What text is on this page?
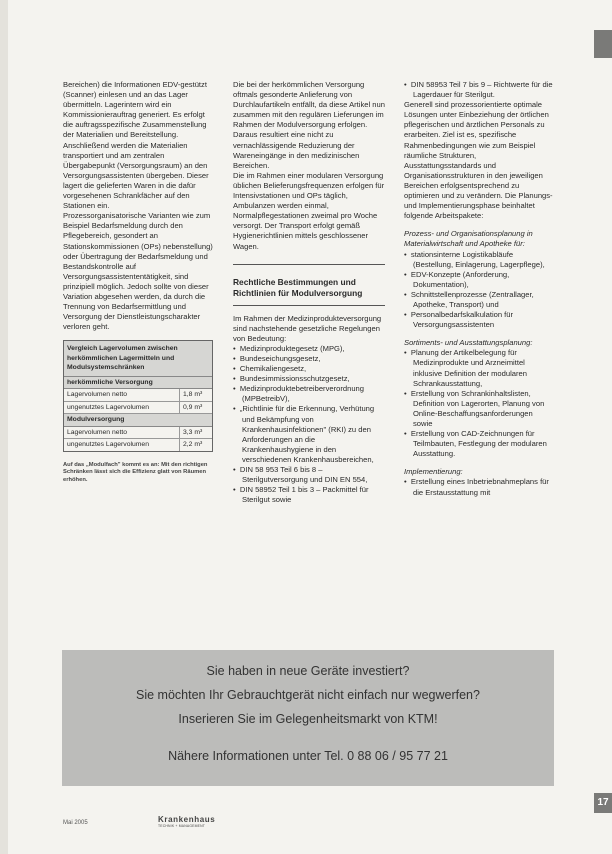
Bereichen) die Informationen EDV-gestützt (Scanner) einlesen und an das Lager übermitteln. Lagerintern wird ein Kommissionierauftrag generiert. Es erfolgt die auftragsspezifische Zusammenstellung der Materialien und Bereitstellung. Anschließend werden die Materialien transportiert und am zentralen Übergabepunkt (Versorgungsraum) an den Versorgungsassistenten übergeben. Dieser lagert die gelieferten Waren in die dafür vorgesehenen Schrankfächer auf den Stationen ein.

Prozessorganisatorische Varianten wie zum Beispiel Bedarfsmeldung durch den Pflegebereich, gesondert an Stationskommissionen (OPs) nebenstellung) oder Übertragung der Bedarfsmeldung und Bestandskontrolle auf Versorgungsassistententätigkeit, sind prinzipiell möglich. Jedoch sollte von dieser Variation abgesehen werden, da durch die Trennung von Bedarfsermittlung und Versorgung der Dienstleistungscharakter verloren geht.

Vergleich Lagervolumen zwischen herkömmlichen Lagermitteln und Modulsystemschränken
herkömmliche Versorgung
Lagervolumen netto	1,8 m³
ungenutztes Lagervolumen	0,9 m³
Modulversorgung
Lagervolumen netto	3,3 m³
ungenutztes Lagervolumen	2,2 m³
Auf das „Modulfach" kommt es an: Mit den richtigen Schränken lässt sich die Effizienz glatt von Räumen erhöhen.

Die bei der herkömmlichen Versorgung oftmals gesonderte Anlieferung von Durchlaufartikeln entfällt, da diese Artikel nun zusammen mit den regulären Lieferungen im Rahmen der Modulversorgung erfolgen. Daraus resultiert eine nicht zu vernachlässigende Reduzierung der Wareneingänge in den medizinischen Bereichen.

Die im Rahmen einer modularen Versorgung üblichen Belieferungsfrequenzen erfolgen für Intensivstationen und OPs täglich, Ambulanzen werden einmal, Normalpflegestationen zweimal pro Woche versorgt. Der Transport erfolgt gemäß Hygienerichtlinien mittels geschlossener Wagen.

Rechtliche Bestimmungen und Richtlinien für Modulversorgung

Im Rahmen der Medizinprodukteversorgung sind nachstehende gesetzliche Regelungen von Bedeutung:

•  Medizinproduktegesetz (MPG),
•  Bundeseichungsgesetz,
•  Chemikaliengesetz,
•  Bundesimmissionsschutzgesetz,
•  Medizinproduktebetreiberverordnung (MPBetreibV),
•  „Richtlinie für die Erkennung, Verhütung und Bekämpfung von Krankenhausinfektionen" (RKI) zu den Anforderungen an die Krankenhaushygiene in den verschiedenen Krankenhausbereichen,
•  DIN 58 953 Teil 6 bis 8 – Sterilgutversorgung und DIN EN 554,
•  DIN 58952 Teil 1 bis 3 – Packmittel für Sterilgut sowie
•  DIN 58953 Teil 7 bis 9 – Richtwerte für die Lagerdauer für Sterilgut.

Generell sind prozessorientierte optimale Lösungen unter Einbeziehung der örtlichen pflegerischen und ärztlichen Personals zu erarbeiten. Ziel ist es, spezifische Rahmenbedingungen wie zum Beispiel räumliche Strukturen, Ausstattungsstandards und Organisationsstrukturen in den jeweiligen Bereichen erfolgsentsprechend zu optimieren und zu verändern. Die Planungs- und Implementierungsphase beinhaltet folgende Arbeitspakete:

Prozess- und Organisationsplanung in Materialwirtschaft und Apotheke für:
•  stationsinterne Logistikabläufe (Bestellung, Einlagerung, Lagerpflege),
•  EDV-Konzepte (Anforderung, Dokumentation),
•  Schnittstellenprozesse (Zentrallager, Apotheke, Transport) und
•  Personalbedarfskalkulation für Versorgungsassistenten
Sortiments- und Ausstattungsplanung:
•  Planung der Artikelbelegung für Medizinprodukte und Arzneimittel inklusive Definition der modularen Schrankausstattung,
•  Erstellung von Schrankinhaltslisten, Definition von Lagerorten, Planung von Online-Beschaffungsanforderungen sowie
•  Erstellung von CAD-Zeichnungen für Teilmbauten, Festlegung der modularen Ausstattung.
Implementierung:
•  Erstellung eines Inbetriebnahmeplans für die Erstausstattung mit
Sie haben in neue Geräte investiert?
Sie möchten Ihr Gebrauchtgerät nicht einfach nur wegwerfen?
Inserieren Sie im Gelegenheitsmarkt von KTM!
Nähere Informationen unter Tel. 0 88 06 / 95 77 21
Mai 2005	Krankenhaus
TECHNIK + MANAGEMENT
17
